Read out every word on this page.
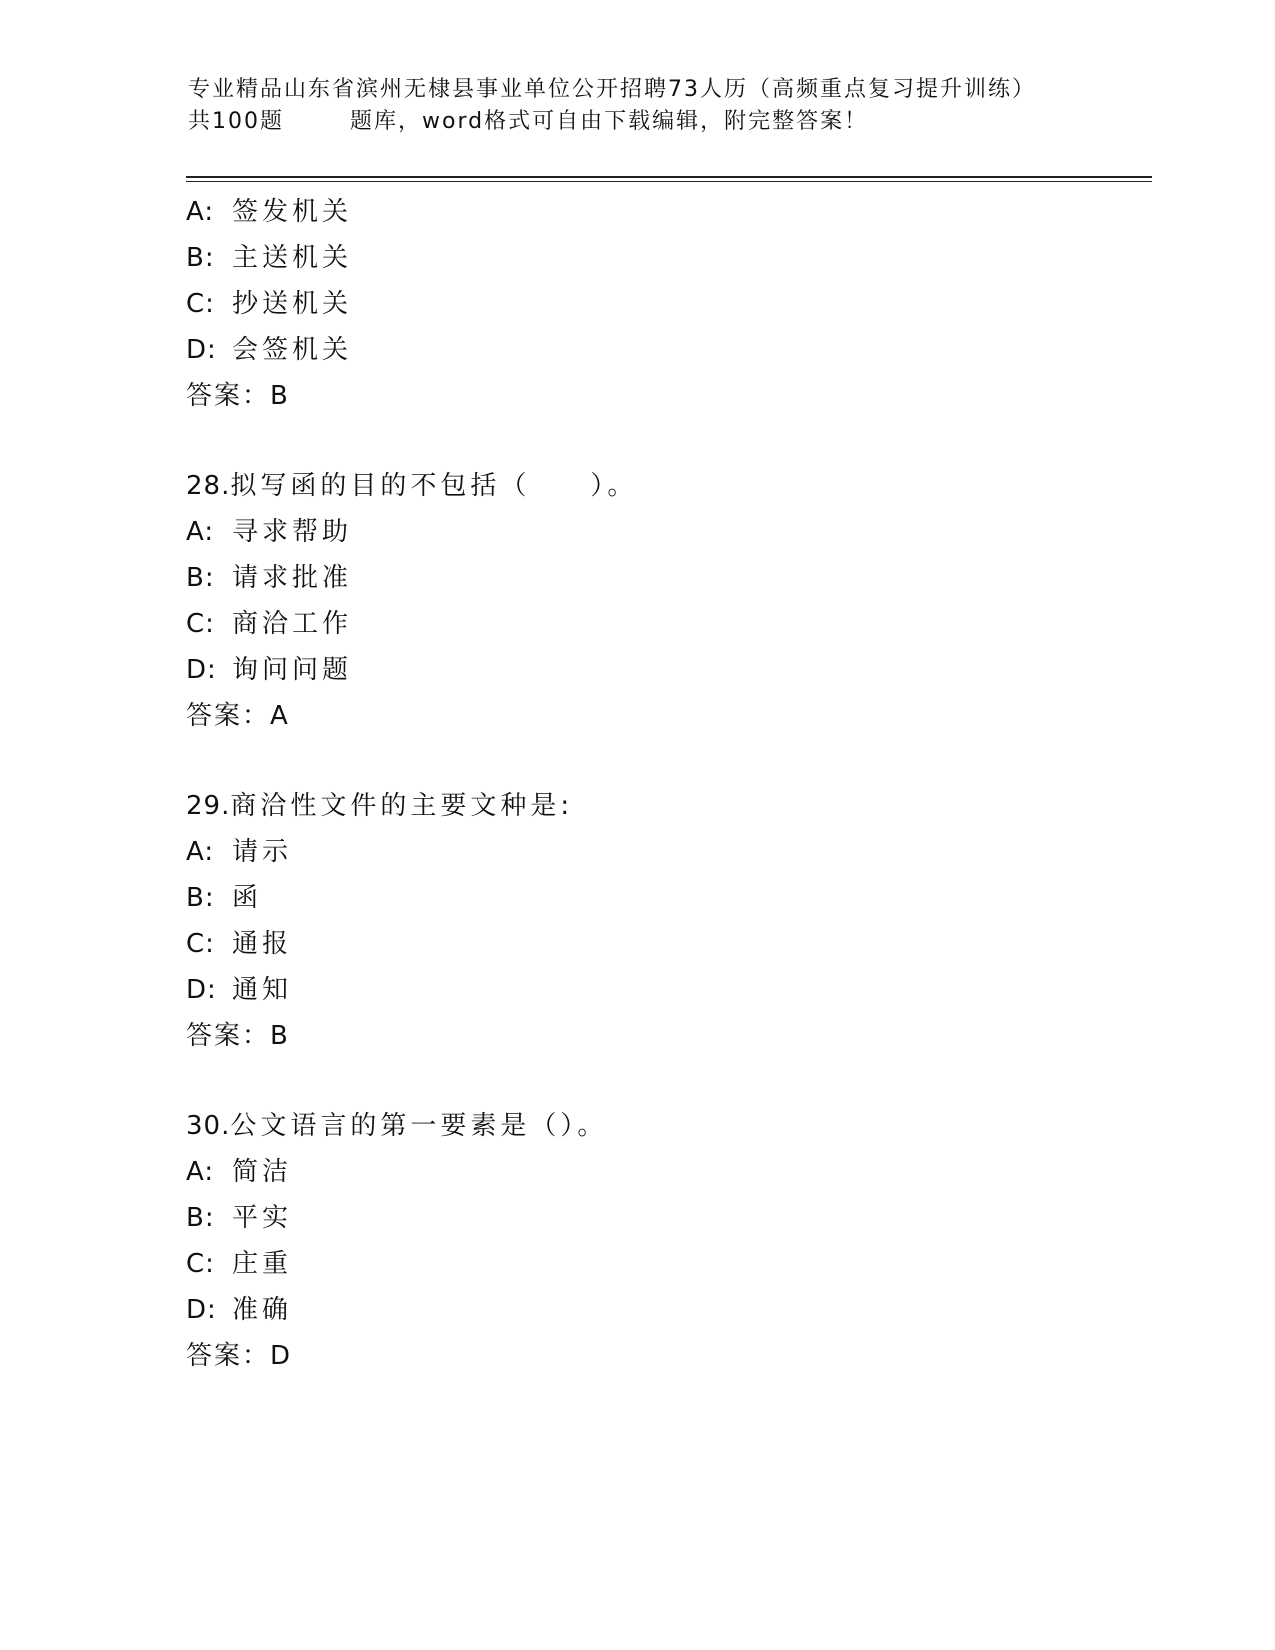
专业精品山东省滨州无棣县事业单位公开招聘73人历（高频重点复习提升训练）
共100题	题库，word格式可自由下载编辑，附完整答案！
A: 签发机关
B: 主送机关
C: 抄送机关
D: 会签机关
答案：B
28.拟写函的目的不包括（　　）。
A: 寻求帮助
B: 请求批准
C: 商洽工作
D: 询问问题
答案：A
29.商洽性文件的主要文种是:
A: 请示
B: 函
C: 通报
D: 通知
答案：B
30.公文语言的第一要素是（）。
A: 简洁
B: 平实
C: 庄重
D: 准确
答案：D
